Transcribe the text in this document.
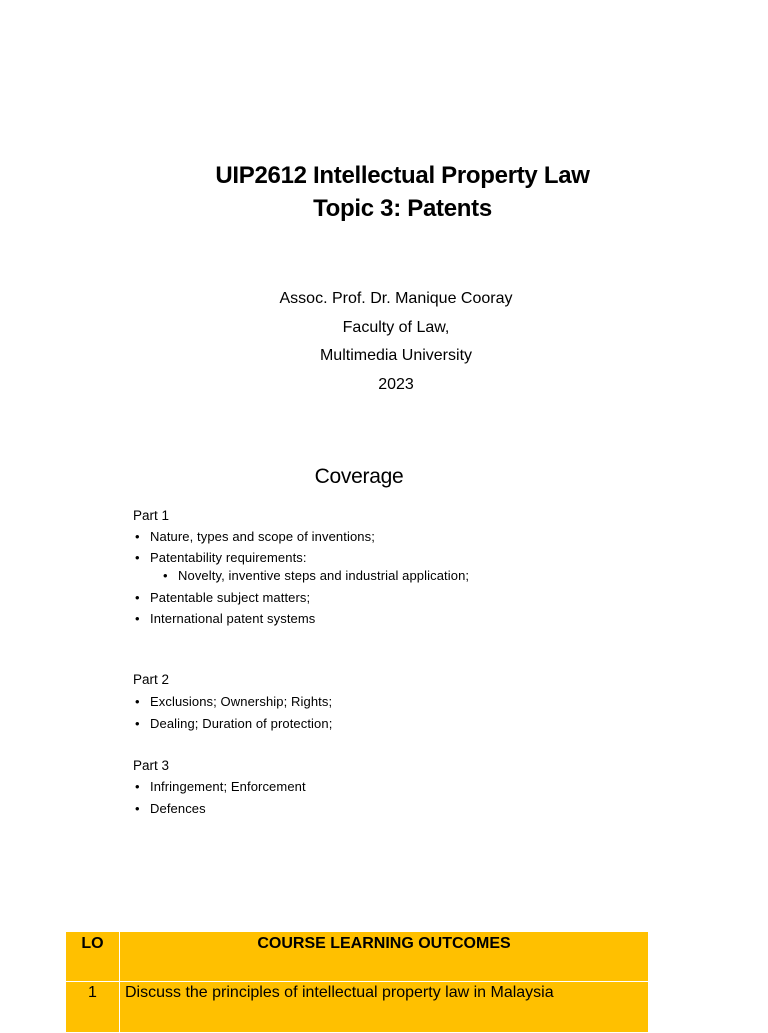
UIP2612 Intellectual Property Law
Topic 3: Patents
Assoc. Prof. Dr. Manique Cooray
Faculty of Law,
Multimedia University
2023
Coverage
Part 1
• Nature, types and scope of inventions;
• Patentability requirements:
• Novelty, inventive steps and industrial application;
• Patentable subject matters;
• International patent systems
Part 2
• Exclusions; Ownership; Rights;
• Dealing; Duration of protection;
Part 3
• Infringement; Enforcement
• Defences
LO	COURSE LEARNING OUTCOMES
1	Discuss the principles of intellectual property law in Malaysia
